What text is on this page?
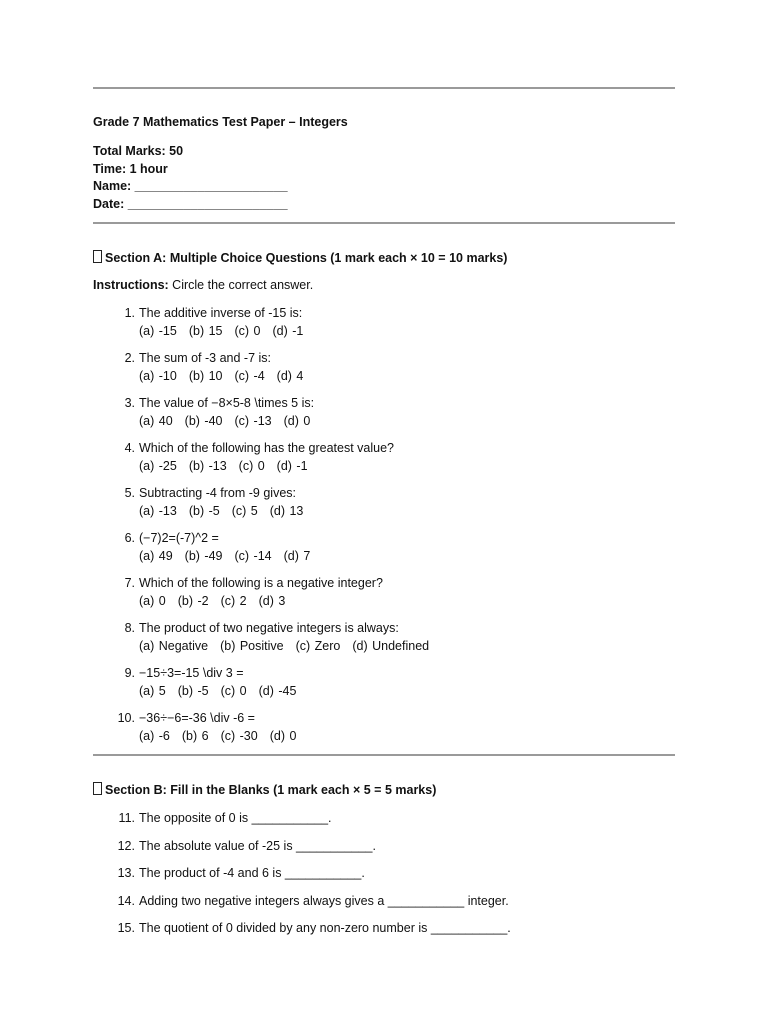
Grade 7 Mathematics Test Paper – Integers
Total Marks: 50
Time: 1 hour
Name: ______________________
Date: _______________________
Section A: Multiple Choice Questions (1 mark each × 10 = 10 marks)
Instructions: Circle the correct answer.
1. The additive inverse of -15 is:
(a) -15 (b) 15 (c) 0 (d) -1
2. The sum of -3 and -7 is:
(a) -10 (b) 10 (c) -4 (d) 4
3. The value of −8×5-8 \times 5 is:
(a) 40 (b) -40 (c) -13 (d) 0
4. Which of the following has the greatest value?
(a) -25 (b) -13 (c) 0 (d) -1
5. Subtracting -4 from -9 gives:
(a) -13 (b) -5 (c) 5 (d) 13
6. (−7)2=(-7)^2 =
(a) 49 (b) -49 (c) -14 (d) 7
7. Which of the following is a negative integer?
(a) 0 (b) -2 (c) 2 (d) 3
8. The product of two negative integers is always:
(a) Negative (b) Positive (c) Zero (d) Undefined
9. −15÷3=-15 \div 3 =
(a) 5 (b) -5 (c) 0 (d) -45
10. −36÷−6=-36 \div -6 =
(a) -6 (b) 6 (c) -30 (d) 0
Section B: Fill in the Blanks (1 mark each × 5 = 5 marks)
11. The opposite of 0 is ___________.
12. The absolute value of -25 is ___________.
13. The product of -4 and 6 is ___________.
14. Adding two negative integers always gives a ___________ integer.
15. The quotient of 0 divided by any non-zero number is ___________.
